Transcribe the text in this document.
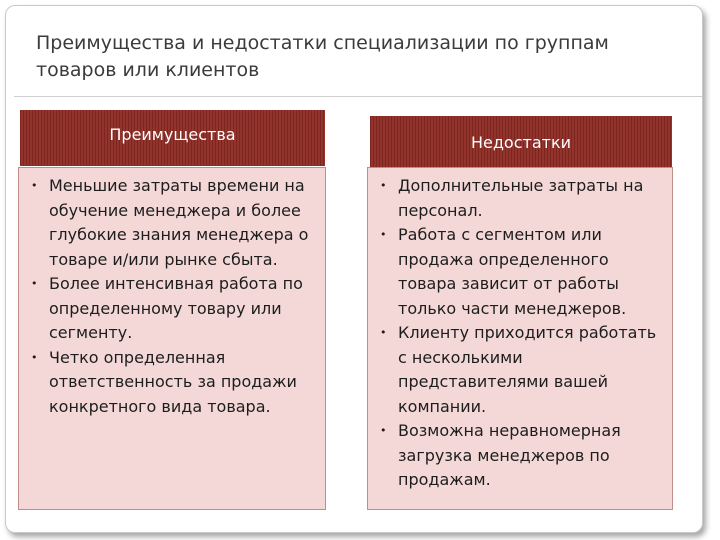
Преимущества и недостатки специализации по группам товаров или клиентов
Преимущества	Недостатки
• Меньшие затраты времени на обучение менеджера и более глубокие знания менеджера о товаре и/или рынке сбыта.
• Более интенсивная работа по определенному товару или сегменту.
• Четко определенная ответственность за продажи конкретного вида товара.
• Дополнительные затраты на персонал.
• Работа с сегментом или продажа определенного товара зависит от работы только части менеджеров.
• Клиенту приходится работать с несколькими представителями вашей компании.
• Возможна неравномерная загрузка менеджеров по продажам.
